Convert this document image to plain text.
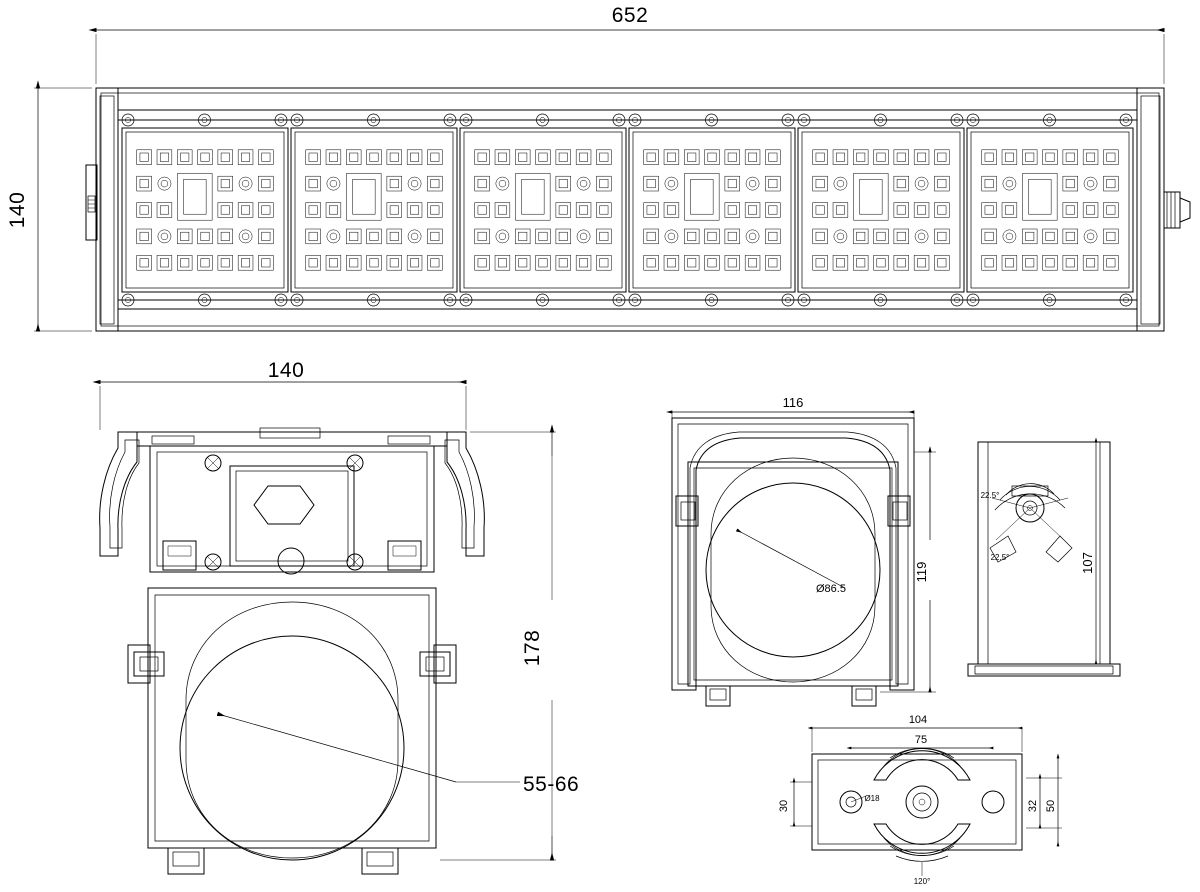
652
140
140
178
55-66
116
119
Ø86.5
107
22.5°
22.5°
104
75
30	32 50
Ø18
120°
